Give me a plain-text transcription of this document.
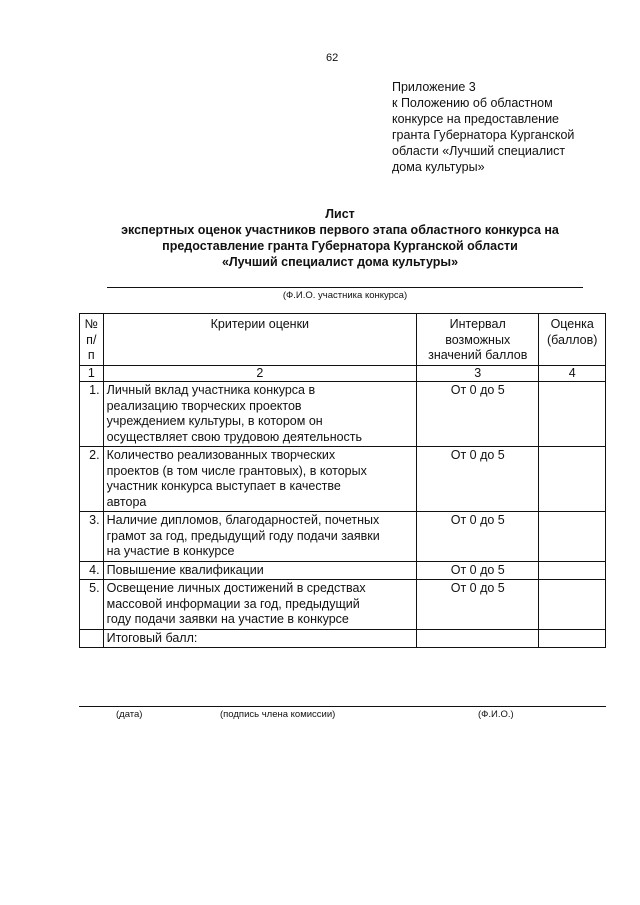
62
Приложение 3
к Положению об областном
конкурсе на предоставление
гранта Губернатора Курганской
области «Лучший специалист
дома культуры»
Лист
экспертных оценок участников первого этапа областного конкурса на
предоставление гранта Губернатора Курганской области
«Лучший специалист дома культуры»
(Ф.И.О. участника конкурса)
№
п/п	Критерии оценки	Интервал
возможных
значений баллов	Оценка
(баллов)
1	2	3	4
1.	Личный вклад участника конкурса в
реализацию творческих проектов
учреждением культуры, в котором он
осуществляет свою трудовою деятельность	От 0 до 5	
2.	Количество реализованных творческих
проектов (в том числе грантовых), в которых
участник конкурса выступает в качестве
автора	От 0 до 5	
3.	Наличие дипломов, благодарностей, почетных
грамот за год, предыдущий году подачи заявки
на участие в конкурсе	От 0 до 5	
4.	Повышение квалификации	От 0 до 5	
5.	Освещение личных достижений в средствах
массовой информации за год, предыдущий
году подачи заявки на участие в конкурсе	От 0 до 5	
	Итоговый балл:		
(дата)	(подпись члена комиссии)	(Ф.И.О.)
